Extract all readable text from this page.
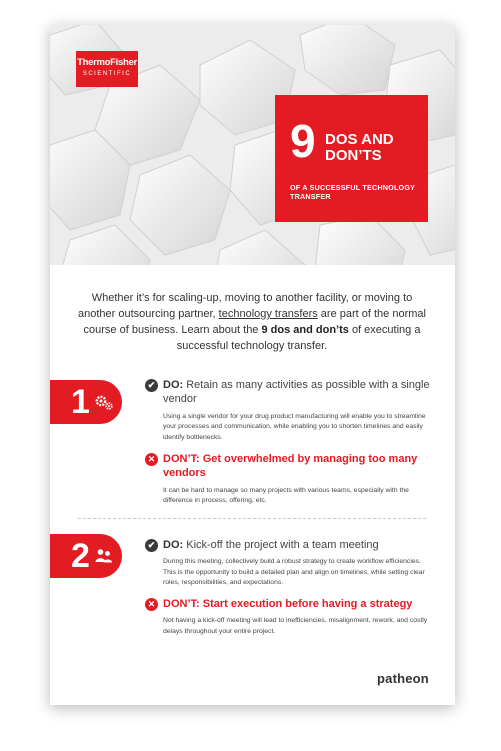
ThermoFisher
SCIENTIFIC
9 DOS AND DON’TS
OF A SUCCESSFUL TECHNOLOGY TRANSFER
Whether it’s for scaling-up, moving to another facility, or moving to another outsourcing partner, technology transfers are part of the normal course of business. Learn about the 9 dos and don’ts of executing a successful technology transfer.
1	✔ DO: Retain as many activities as possible with a single vendor
Using a single vendor for your drug product manufacturing will enable you to streamline your processes and communication, while enabling you to shorten timelines and easily identify bottlenecks.
✕ DON’T: Get overwhelmed by managing too many vendors
It can be hard to manage so many projects with various teams, especially with the difference in process, offering, etc.
2	✔ DO: Kick-off the project with a team meeting
During this meeting, collectively build a robust strategy to create workflow efficiencies. This is the opportunity to build a detailed plan and align on timelines, while setting clear roles, responsibilities, and expectations.
✕ DON’T: Start execution before having a strategy
Not having a kick-off meeting will lead to inefficiencies, misalignment, rework, and costly delays throughout your entire project.
patheon
